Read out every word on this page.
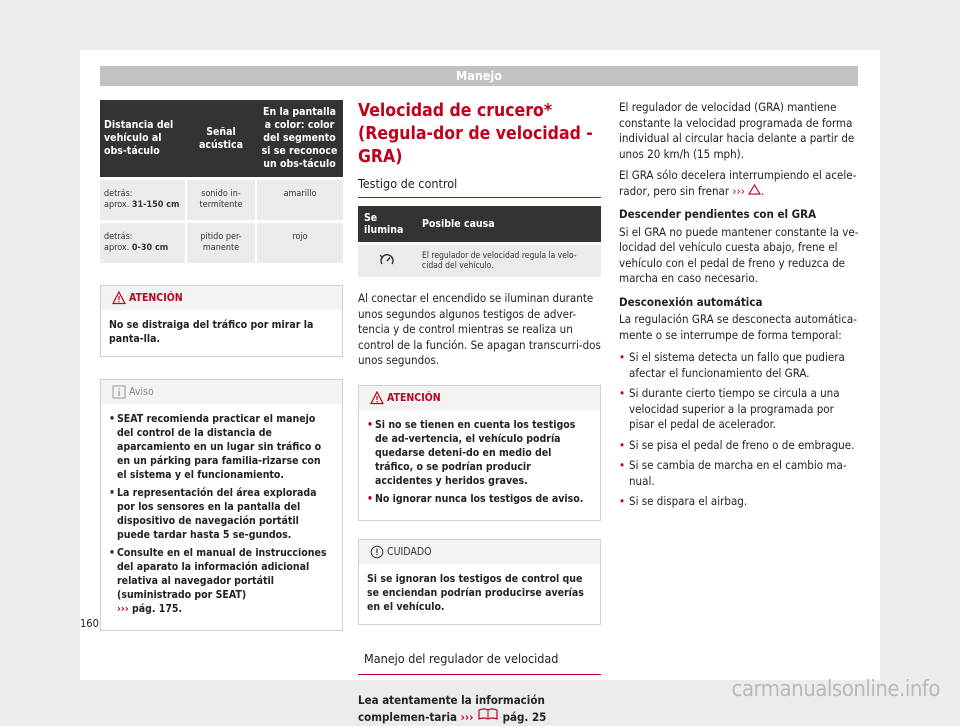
Manejo
Distancia del vehículo al obs-táculo	Señal acústica	En la pantalla a color: color del segmento si se reconoce un obs-táculo
detrás:
aprox. 31-150 cm	sonido in-termitente	amarillo
detrás:
aprox. 0-30 cm	pitido per-manente	rojo
ATENCIÓN
No se distraiga del tráfico por mirar la panta-lla.
Aviso
• SEAT recomienda practicar el manejo del control de la distancia de aparcamiento en un lugar sin tráfico o en un párking para familia-rizarse con el sistema y el funcionamiento.
• La representación del área explorada por los sensores en la pantalla del dispositivo de navegación portátil puede tardar hasta 5 se-gundos.
• Consulte en el manual de instrucciones del aparato la información adicional relativa al navegador portátil (suministrado por SEAT)
››› pág. 175.
Velocidad de crucero* (Regula-dor de velocidad - GRA)
Testigo de control
Se ilumina	Posible causa
	El regulador de velocidad regula la velo-cidad del vehículo.

Al conectar el encendido se iluminan durante unos segundos algunos testigos de adver-tencia y de control mientras se realiza un control de la función. Se apagan transcurri-dos unos segundos.

ATENCIÓN
• Si no se tienen en cuenta los testigos de ad-vertencia, el vehículo podría quedarse deteni-do en medio del tráfico, o se podrían producir accidentes y heridos graves.
• No ignorar nunca los testigos de aviso.
CUIDADO
Si se ignoran los testigos de control que se enciendan podrían producirse averías en el vehículo.
Manejo del regulador de velocidad

Lea atentamente la información complemen-taria ›››	pág. 25

El regulador de velocidad (GRA) mantiene constante la velocidad programada de forma individual al circular hacia delante a partir de unos 20 km/h (15 mph).

El GRA sólo decelera interrumpiendo el acele-rador, pero sin frenar ››› .

Descender pendientes con el GRA

Si el GRA no puede mantener constante la ve-locidad del vehículo cuesta abajo, frene el vehículo con el pedal de freno y reduzca de marcha en caso necesario.

Desconexión automática

La regulación GRA se desconecta automática-mente o se interrumpe de forma temporal:

• Si el sistema detecta un fallo que pudiera afectar el funcionamiento del GRA.
• Si durante cierto tiempo se circula a una velocidad superior a la programada por pisar el pedal de acelerador.
• Si se pisa el pedal de freno o de embrague.
• Si se cambia de marcha en el cambio ma-nual.
• Si se dispara el airbag.
160
carmanualsonline.info
